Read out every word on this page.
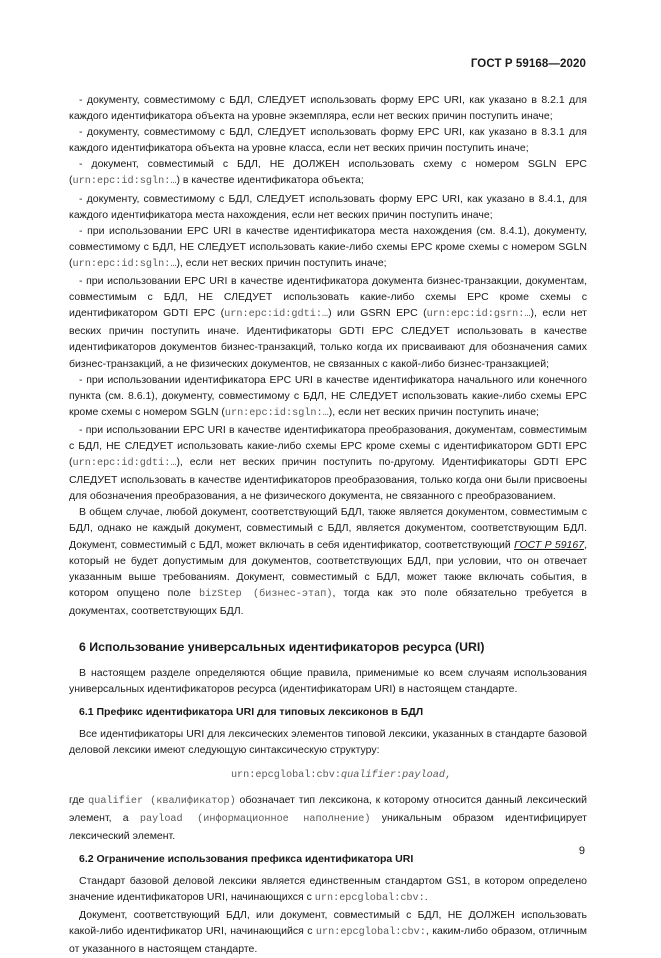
ГОСТ Р 59168—2020

- документу, совместимому с БДЛ, СЛЕДУЕТ использовать форму EPC URI, как указано в 8.2.1 для каждого идентификатора объекта на уровне экземпляра, если нет веских причин поступить иначе;

- документу, совместимому с БДЛ, СЛЕДУЕТ использовать форму EPC URI, как указано в 8.3.1 для каждого идентификатора объекта на уровне класса, если нет веских причин поступить иначе;

- документ, совместимый с БДЛ, НЕ ДОЛЖЕН использовать схему с номером SGLN EPC (urn:epc:id:sgln:…) в качестве идентификатора объекта;

- документу, совместимому с БДЛ, СЛЕДУЕТ использовать форму EPC URI, как указано в 8.4.1, для каждого идентификатора места нахождения, если нет веских причин поступить иначе;

- при использовании EPC URI в качестве идентификатора места нахождения (см. 8.4.1), документу, совместимому с БДЛ, НЕ СЛЕДУЕТ использовать какие-либо схемы EPC кроме схемы с номером SGLN (urn:epc:id:sgln:…), если нет веских причин поступить иначе;

- при использовании EPC URI в качестве идентификатора документа бизнес-транзакции, документам, совместимым с БДЛ, НЕ СЛЕДУЕТ использовать какие-либо схемы EPC кроме схемы с идентификатором GDTI EPC (urn:epc:id:gdti:…) или GSRN EPC (urn:epc:id:gsrn:…), если нет веских причин поступить иначе. Идентификаторы GDTI EPC СЛЕДУЕТ использовать в качестве идентификаторов документов бизнес-транзакций, только когда их присваивают для обозначения самих бизнес-транзакций, а не физических документов, не связанных с какой-либо бизнес-транзакцией;

- при использовании идентификатора EPC URI в качестве идентификатора начального или конечного пункта (см. 8.6.1), документу, совместимому с БДЛ, НЕ СЛЕДУЕТ использовать какие-либо схемы EPC кроме схемы с номером SGLN (urn:epc:id:sgln:…), если нет веских причин поступить иначе;

- при использовании EPC URI в качестве идентификатора преобразования, документам, совместимым с БДЛ, НЕ СЛЕДУЕТ использовать какие-либо схемы EPC кроме схемы с идентификатором GDTI EPC (urn:epc:id:gdti:…), если нет веских причин поступить по-другому. Идентификаторы GDTI EPC СЛЕДУЕТ использовать в качестве идентификаторов преобразования, только когда они были присвоены для обозначения преобразования, а не физического документа, не связанного с преобразованием.

В общем случае, любой документ, соответствующий БДЛ, также является документом, совместимым с БДЛ, однако не каждый документ, совместимый с БДЛ, является документом, соответствующим БДЛ. Документ, совместимый с БДЛ, может включать в себя идентификатор, соответствующий ГОСТ Р 59167, который не будет допустимым для документов, соответствующих БДЛ, при условии, что он отвечает указанным выше требованиям. Документ, совместимый с БДЛ, может также включать события, в котором опущено поле bizStep (бизнес-этап), тогда как это поле обязательно требуется в документах, соответствующих БДЛ.

6 Использование универсальных идентификаторов ресурса (URI)

В настоящем разделе определяются общие правила, применимые ко всем случаям использования универсальных идентификаторов ресурса (идентификаторам URI) в настоящем стандарте.

6.1 Префикс идентификатора URI для типовых лексиконов в БДЛ

Все идентификаторы URI для лексических элементов типовой лексики, указанных в стандарте базовой деловой лексики имеют следующую синтаксическую структуру:

urn:epcglobal:cbv:qualifier:payload,

где qualifier (квалификатор) обозначает тип лексикона, к которому относится данный лексический элемент, а payload (информационное наполнение) уникальным образом идентифицирует лексический элемент.

6.2 Ограничение использования префикса идентификатора URI

Стандарт базовой деловой лексики является единственным стандартом GS1, в котором определено значение идентификаторов URI, начинающихся с urn:epcglobal:cbv:.

Документ, соответствующий БДЛ, или документ, совместимый с БДЛ, НЕ ДОЛЖЕН использовать какой-либо идентификатор URI, начинающийся с urn:epcglobal:cbv:, каким-либо образом, отличным от указанного в настоящем стандарте.

9
